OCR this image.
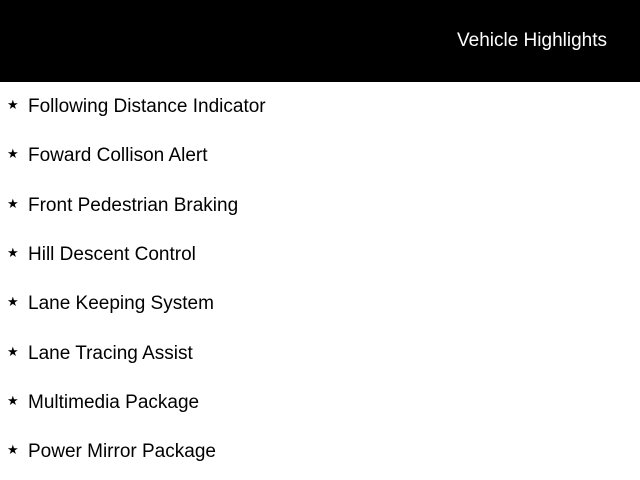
Vehicle Highlights
★ Following Distance Indicator
★ Foward Collison Alert
★ Front Pedestrian Braking
★ Hill Descent Control
★ Lane Keeping System
★ Lane Tracing Assist
★ Multimedia Package
★ Power Mirror Package
